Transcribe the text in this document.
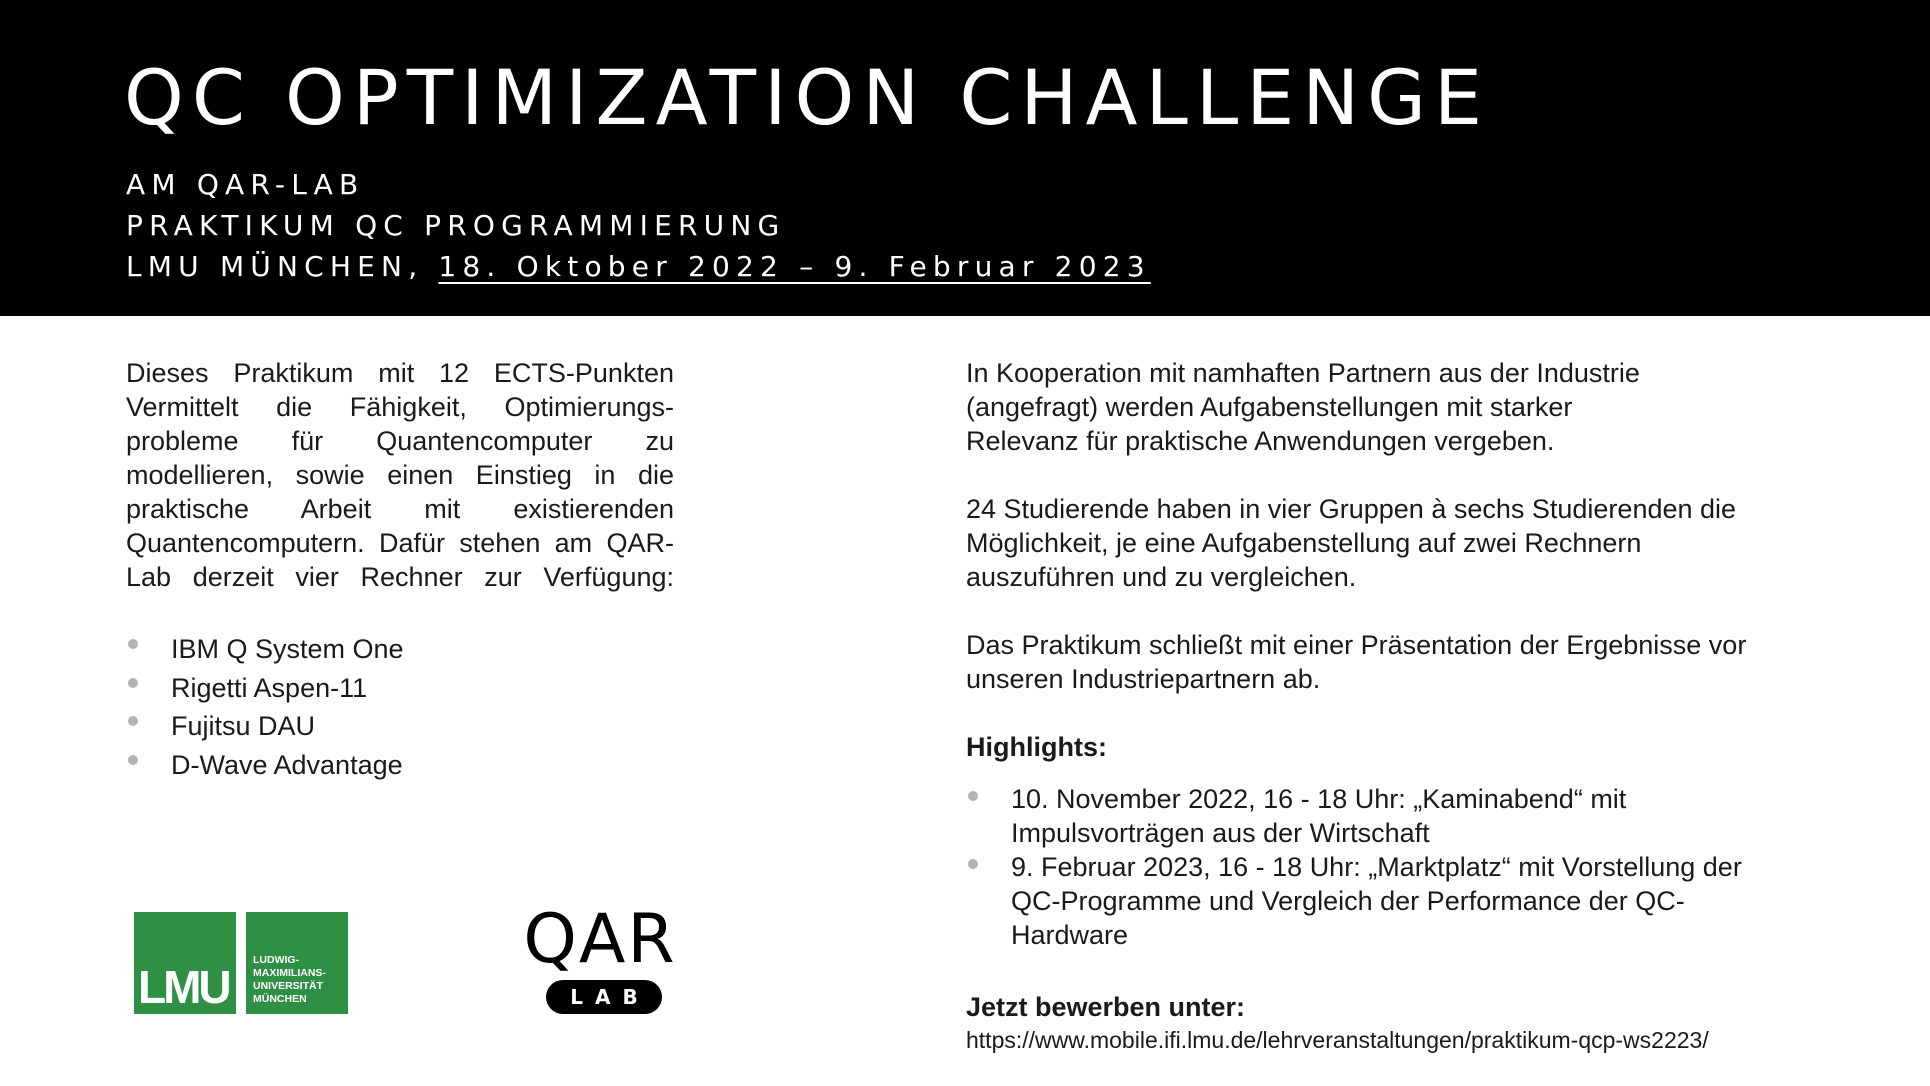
QC OPTIMIZATION CHALLENGE
AM QAR-LAB
PRAKTIKUM QC PROGRAMMIERUNG
LMU MÜNCHEN, 18. Oktober 2022 – 9. Februar 2023
Dieses Praktikum mit 12 ECTS-Punkten
Vermittelt die Fähigkeit, Optimierungs-
probleme für Quantencomputer zu
modellieren, sowie einen Einstieg in die
praktische Arbeit mit existierenden
Quantencomputern. Dafür stehen am QAR-
Lab derzeit vier Rechner zur Verfügung:
IBM Q System One
Rigetti Aspen-11
Fujitsu DAU
D-Wave Advantage
In Kooperation mit namhaften Partnern aus der Industrie
(angefragt) werden Aufgabenstellungen mit starker
Relevanz für praktische Anwendungen vergeben.
24 Studierende haben in vier Gruppen à sechs Studierenden die
Möglichkeit, je eine Aufgabenstellung auf zwei Rechnern
auszuführen und zu vergleichen.
Das Praktikum schließt mit einer Präsentation der Ergebnisse vor
unseren Industriepartnern ab.
Highlights:
10. November 2022, 16 - 18 Uhr: „Kaminabend“ mit
Impulsvorträgen aus der Wirtschaft
9. Februar 2023, 16 - 18 Uhr: „Marktplatz“ mit Vorstellung der
QC-Programme und Vergleich der Performance der QC-
Hardware
Jetzt bewerben unter:
https://www.mobile.ifi.lmu.de/lehrveranstaltungen/praktikum-qcp-ws2223/
LMU
LUDWIG-
MAXIMILIANS-
UNIVERSITÄT
MÜNCHEN
QAR
LAB
